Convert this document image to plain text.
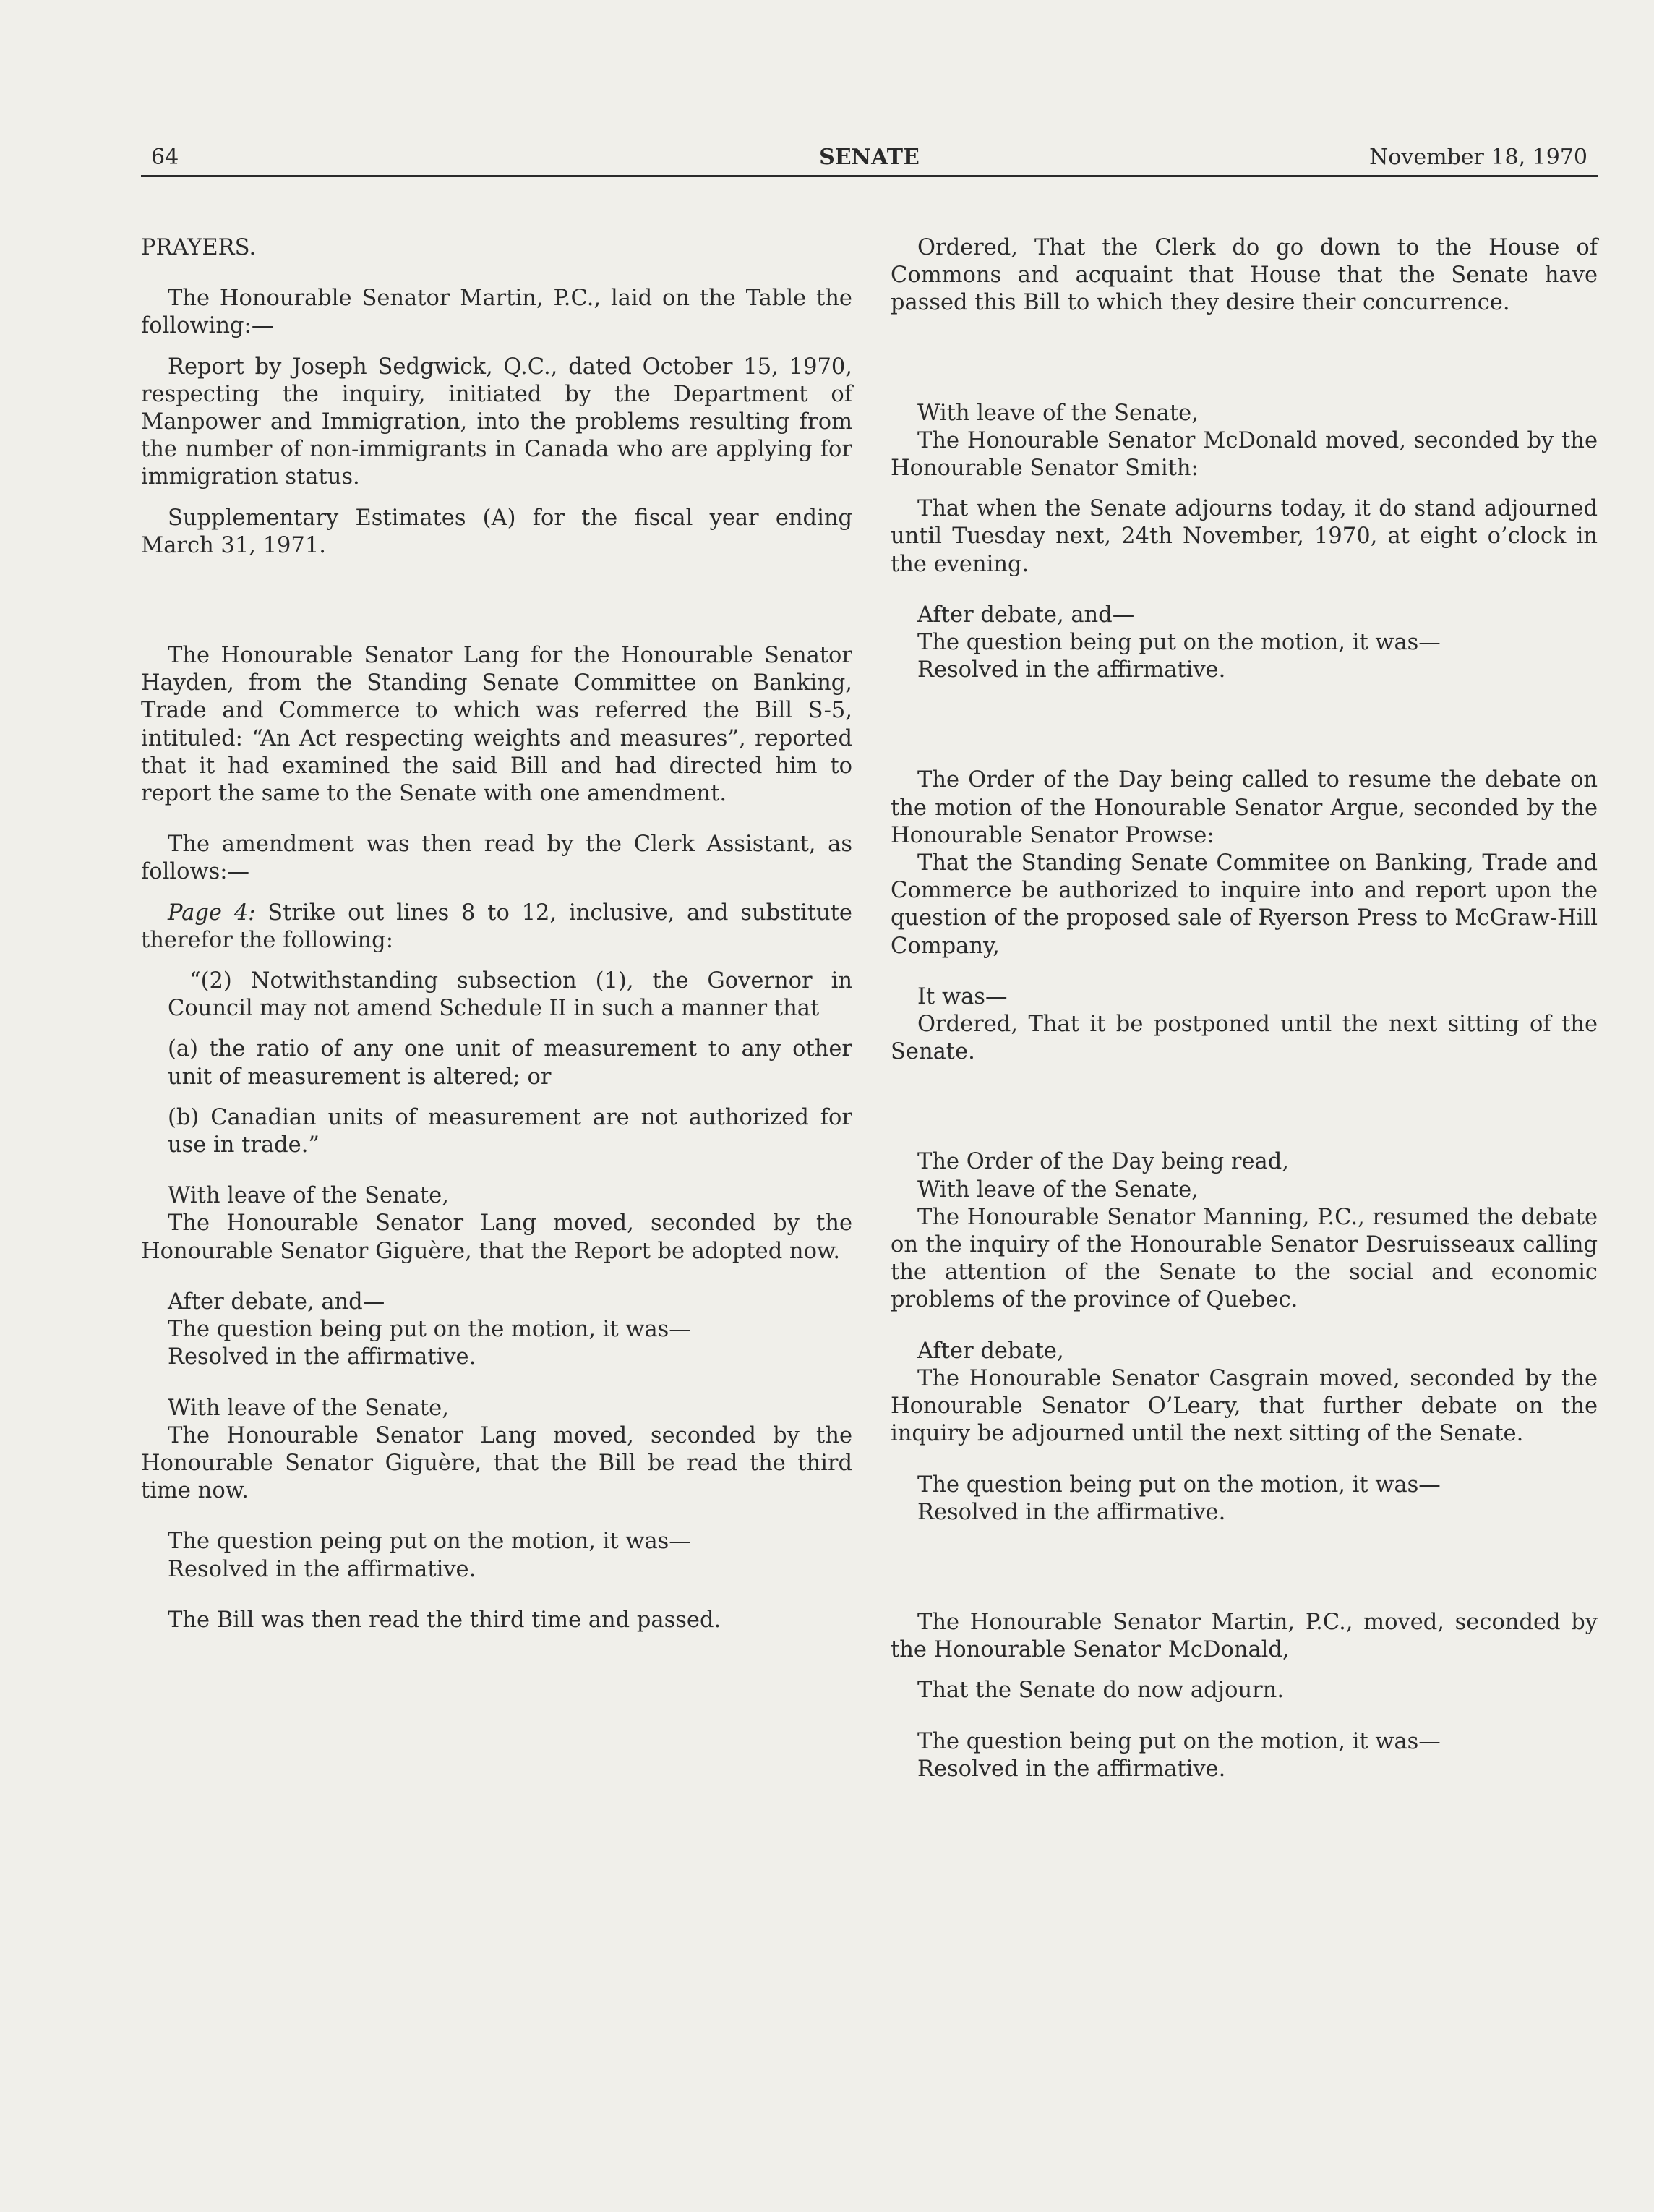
64	SENATE	November 18, 1970

PRAYERS.

The Honourable Senator Martin, P.C., laid on the Table the following:—

Report by Joseph Sedgwick, Q.C., dated October 15, 1970, respecting the inquiry, initiated by the Department of Manpower and Immigration, into the problems resulting from the number of non-immigrants in Canada who are applying for immigration status.

Supplementary Estimates (A) for the fiscal year ending March 31, 1971.

The Honourable Senator Lang for the Honourable Senator Hayden, from the Standing Senate Committee on Banking, Trade and Commerce to which was referred the Bill S-5, intituled: “An Act respecting weights and measures”, reported that it had examined the said Bill and had directed him to report the same to the Senate with one amendment.

The amendment was then read by the Clerk Assistant, as follows:—

Page 4: Strike out lines 8 to 12, inclusive, and substitute therefor the following:

“(2) Notwithstanding subsection (1), the Governor in Council may not amend Schedule II in such a manner that

(a) the ratio of any one unit of measurement to any other unit of measurement is altered; or

(b) Canadian units of measurement are not authorized for use in trade.”

With leave of the Senate,

The Honourable Senator Lang moved, seconded by the Honourable Senator Giguère, that the Report be adopted now.

After debate, and—

The question being put on the motion, it was—

Resolved in the affirmative.

With leave of the Senate,

The Honourable Senator Lang moved, seconded by the Honourable Senator Giguère, that the Bill be read the third time now.

The question peing put on the motion, it was—

Resolved in the affirmative.

The Bill was then read the third time and passed.

Ordered, That the Clerk do go down to the House of Commons and acquaint that House that the Senate have passed this Bill to which they desire their concurrence.

With leave of the Senate,

The Honourable Senator McDonald moved, seconded by the Honourable Senator Smith:

That when the Senate adjourns today, it do stand adjourned until Tuesday next, 24th November, 1970, at eight o’clock in the evening.

After debate, and—

The question being put on the motion, it was—

Resolved in the affirmative.

The Order of the Day being called to resume the debate on the motion of the Honourable Senator Argue, seconded by the Honourable Senator Prowse:

That the Standing Senate Commitee on Banking, Trade and Commerce be authorized to inquire into and report upon the question of the proposed sale of Ryerson Press to McGraw-Hill Company,

It was—

Ordered, That it be postponed until the next sitting of the Senate.

The Order of the Day being read,

With leave of the Senate,

The Honourable Senator Manning, P.C., resumed the debate on the inquiry of the Honourable Senator Desruisseaux calling the attention of the Senate to the social and economic problems of the province of Quebec.

After debate,

The Honourable Senator Casgrain moved, seconded by the Honourable Senator O’Leary, that further debate on the inquiry be adjourned until the next sitting of the Senate.

The question being put on the motion, it was—

Resolved in the affirmative.

The Honourable Senator Martin, P.C., moved, seconded by the Honourable Senator McDonald,

That the Senate do now adjourn.

The question being put on the motion, it was—

Resolved in the affirmative.
